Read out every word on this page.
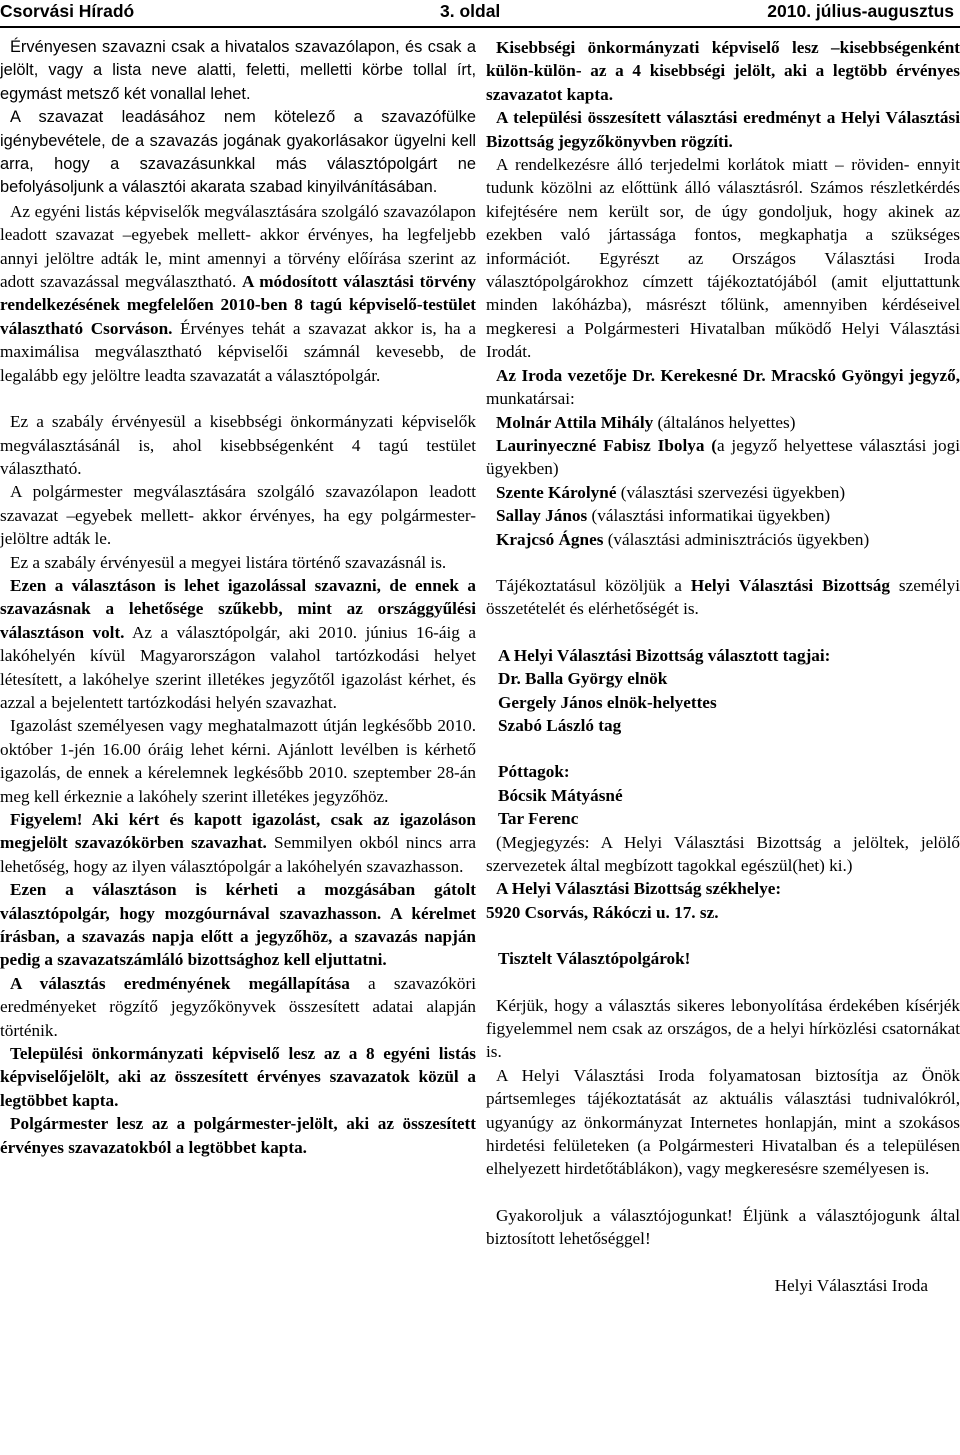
Csorvási Híradó	3. oldal	2010. július-augusztus

Érvényesen szavazni csak a hivatalos szavazólapon, és csak a jelölt, vagy a lista neve alatti, feletti, melletti körbe tollal írt, egymást metsző két vonallal lehet.

A szavazat leadásához nem kötelező a szavazófülke igénybevétele, de a szavazás jogának gyakorlásakor ügyelni kell arra, hogy a szavazásunkkal más választópolgárt ne befolyásoljunk a választói akarata szabad kinyilvánításában.

Az egyéni listás képviselők megválasztására szolgáló szavazólapon leadott szavazat –egyebek mellett- akkor érvényes, ha legfeljebb annyi jelöltre adták le, mint amennyi a törvény előírása szerint az adott szavazással megválasztható. A módosított választási törvény rendelkezésének megfelelően 2010-ben 8 tagú képviselő-testület választható Csorváson. Érvényes tehát a szavazat akkor is, ha a maximálisa megválasztható képviselői számnál kevesebb, de legalább egy jelöltre leadta szavazatát a választópolgár.

Ez a szabály érvényesül a kisebbségi önkormányzati képviselők megválasztásánál is, ahol kisebbségenként 4 tagú testület választható.

A polgármester megválasztására szolgáló szavazólapon leadott szavazat –egyebek mellett- akkor érvényes, ha egy polgármester-jelöltre adták le.

Ez a szabály érvényesül a megyei listára történő szavazásnál is.

Ezen a választáson is lehet igazolással szavazni, de ennek a szavazásnak a lehetősége szűkebb, mint az országgyűlési választáson volt. Az a választópolgár, aki 2010. június 16-áig a lakóhelyén kívül Magyarországon valahol tartózkodási helyet létesített, a lakóhelye szerint illetékes jegyzőtől igazolást kérhet, és azzal a bejelentett tartózkodási helyén szavazhat.

Igazolást személyesen vagy meghatalmazott útján legkésőbb 2010. október 1-jén 16.00 óráig lehet kérni. Ajánlott levélben is kérhető igazolás, de ennek a kérelemnek legkésőbb 2010. szeptember 28-án meg kell érkeznie a lakóhely szerint illetékes jegyzőhöz.

Figyelem! Aki kért és kapott igazolást, csak az igazoláson megjelölt szavazókörben szavazhat. Semmilyen okból nincs arra lehetőség, hogy az ilyen választópolgár a lakóhelyén szavazhasson.

Ezen a választáson is kérheti a mozgásában gátolt választópolgár, hogy mozgóurnával szavazhasson. A kérelmet írásban, a szavazás napja előtt a jegyzőhöz, a szavazás napján pedig a szavazatszámláló bizottsághoz kell eljuttatni.

A választás eredményének megállapítása a szavazóköri eredményeket rögzítő jegyzőkönyvek összesített adatai alapján történik.

Települési önkormányzati képviselő lesz az a 8 egyéni listás képviselőjelölt, aki az összesített érvényes szavazatok közül a legtöbbet kapta.

Polgármester lesz az a polgármester-jelölt, aki az összesített érvényes szavazatokból a legtöbbet kapta.

Kisebbségi önkormányzati képviselő lesz –kisebbségenként külön-külön- az a 4 kisebbségi jelölt, aki a legtöbb érvényes szavazatot kapta.

A települési összesített választási eredményt a Helyi Választási Bizottság jegyzőkönyvben rögzíti.

A rendelkezésre álló terjedelmi korlátok miatt – röviden- ennyit tudunk közölni az előttünk álló választásról. Számos részletkérdés kifejtésére nem került sor, de úgy gondoljuk, hogy akinek az ezekben való jártassága fontos, megkaphatja a szükséges információt. Egyrészt az Országos Választási Iroda választópolgárokhoz címzett tájékoztatójából (amit eljuttattunk minden lakóházba), másrészt tőlünk, amennyiben kérdéseivel megkeresi a Polgármesteri Hivatalban működő Helyi Választási Irodát.

Az Iroda vezetője Dr. Kerekesné Dr. Mracskó Gyöngyi jegyző, munkatársai:

Molnár Attila Mihály (általános helyettes)

Laurinyeczné Fabisz Ibolya (a jegyző helyettese választási jogi ügyekben)

Szente Károlyné (választási szervezési ügyekben)

Sallay János (választási informatikai ügyekben)

Krajcsó Ágnes (választási adminisztrációs ügyekben)

Tájékoztatásul közöljük a Helyi Választási Bizottság személyi összetételét és elérhetőségét is.

A Helyi Választási Bizottság választott tagjai:

Dr. Balla György elnök

Gergely János elnök-helyettes

Szabó László tag

Póttagok:

Bócsik Mátyásné

Tar Ferenc

(Megjegyzés: A Helyi Választási Bizottság a jelöltek, jelölő szervezetek által megbízott tagokkal egészül(het) ki.)

A Helyi Választási Bizottság székhelye:

5920 Csorvás, Rákóczi u. 17. sz.

Tisztelt Választópolgárok!

Kérjük, hogy a választás sikeres lebonyolítása érdekében kísérjék figyelemmel nem csak az országos, de a helyi hírközlési csatornákat is.

A Helyi Választási Iroda folyamatosan biztosítja az Önök pártsemleges tájékoztatását az aktuális választási tudnivalókról, ugyanúgy az önkormányzat Internetes honlapján, mint a szokásos hirdetési felületeken (a Polgármesteri Hivatalban és a településen elhelyezett hirdetőtáblákon), vagy megkeresésre személyesen is.

Gyakoroljuk a választójogunkat! Éljünk a választójogunk által biztosított lehetőséggel!

Helyi Választási Iroda
